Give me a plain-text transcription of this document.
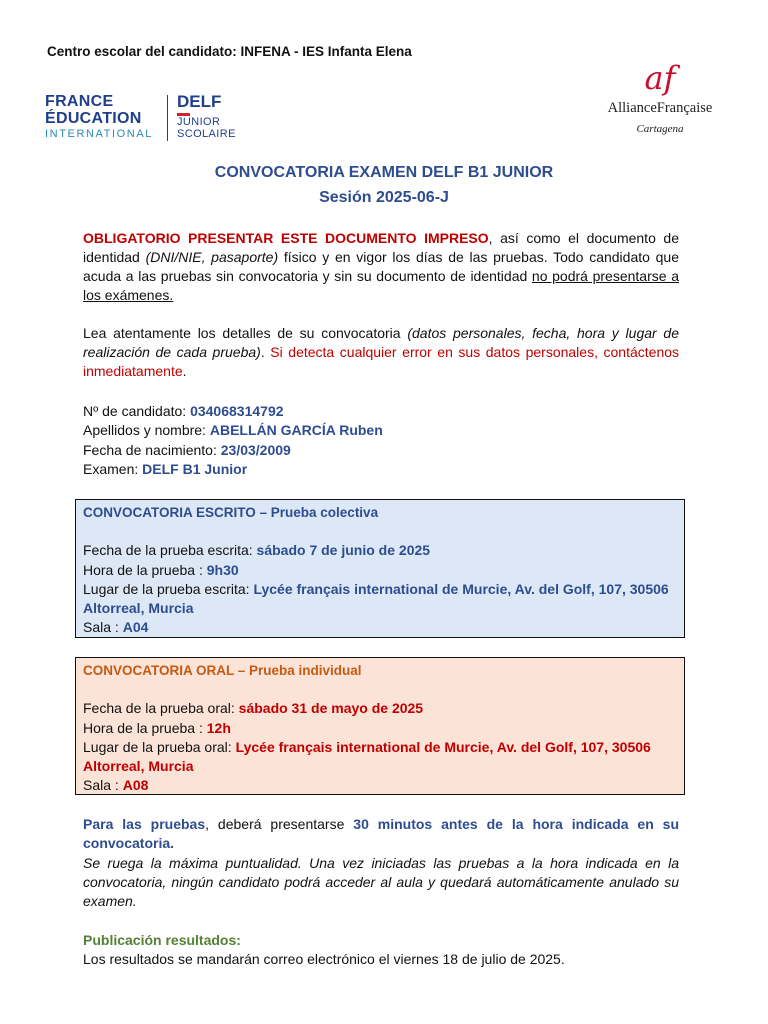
Centro escolar del candidato: INFENA - IES Infanta Elena
FRANCE
ÉDUCATION
INTERNATIONAL
DELF
JUNIOR
SCOLAIRE
af
AllianceFrançaise
Cartagena
CONVOCATORIA EXAMEN DELF B1 JUNIOR
Sesión 2025-06-J
OBLIGATORIO PRESENTAR ESTE DOCUMENTO IMPRESO, así como el documento de identidad (DNI/NIE, pasaporte) físico y en vigor los días de las pruebas. Todo candidato que acuda a las pruebas sin convocatoria y sin su documento de identidad no podrá presentarse a los exámenes.
Lea atentamente los detalles de su convocatoria (datos personales, fecha, hora y lugar de realización de cada prueba). Si detecta cualquier error en sus datos personales, contáctenos inmediatamente.
Nº de candidato: 034068314792
Apellidos y nombre: ABELLÁN GARCÍA Ruben
Fecha de nacimiento: 23/03/2009
Examen: DELF B1 Junior
CONVOCATORIA ESCRITO – Prueba colectiva
Fecha de la prueba escrita: sábado 7 de junio de 2025
Hora de la prueba : 9h30
Lugar de la prueba escrita: Lycée français international de Murcie, Av. del Golf, 107, 30506 Altorreal, Murcia
Sala : A04
CONVOCATORIA ORAL – Prueba individual
Fecha de la prueba oral: sábado 31 de mayo de 2025
Hora de la prueba : 12h
Lugar de la prueba oral: Lycée français international de Murcie, Av. del Golf, 107, 30506 Altorreal, Murcia
Sala : A08
Para las pruebas, deberá presentarse 30 minutos antes de la hora indicada en su convocatoria.
Se ruega la máxima puntualidad. Una vez iniciadas las pruebas a la hora indicada en la convocatoria, ningún candidato podrá acceder al aula y quedará automáticamente anulado su examen.
Publicación resultados:
Los resultados se mandarán correo electrónico el viernes 18 de julio de 2025.
